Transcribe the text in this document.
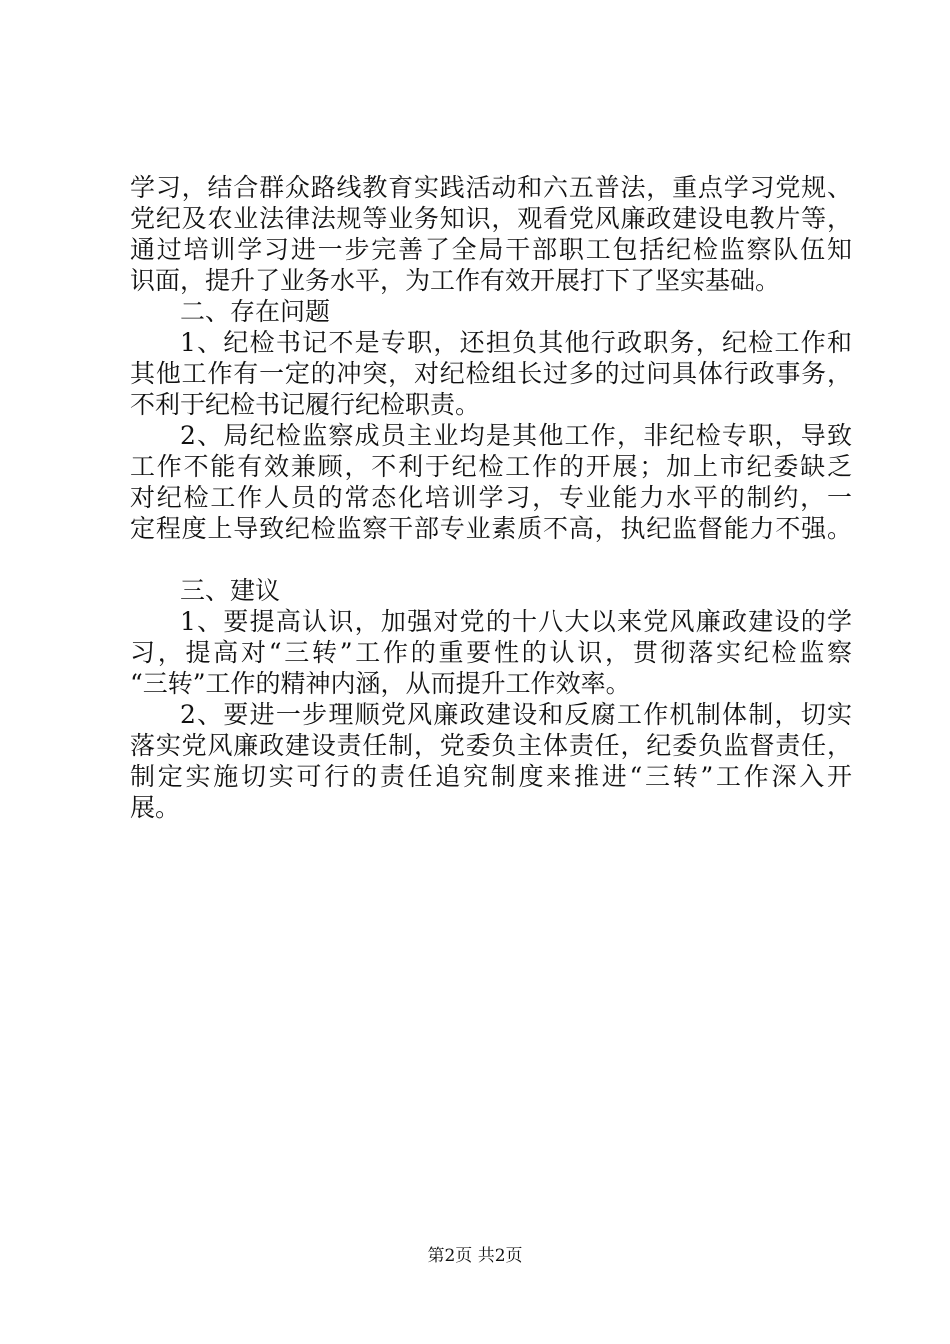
学习，结合群众路线教育实践活动和六五普法，重点学习党规、
党纪及农业法律法规等业务知识，观看党风廉政建设电教片等，
通过培训学习进一步完善了全局干部职工包括纪检监察队伍知
识面，提升了业务水平，为工作有效开展打下了坚实基础。
二、存在问题
1、纪检书记不是专职，还担负其他行政职务，纪检工作和
其他工作有一定的冲突，对纪检组长过多的过问具体行政事务，
不利于纪检书记履行纪检职责。
2、局纪检监察成员主业均是其他工作，非纪检专职，导致
工作不能有效兼顾，不利于纪检工作的开展；加上市纪委缺乏
对纪检工作人员的常态化培训学习，专业能力水平的制约，一
定程度上导致纪检监察干部专业素质不高，执纪监督能力不强。
三、建议
1、要提高认识，加强对党的十八大以来党风廉政建设的学
习，提高对“三转”工作的重要性的认识，贯彻落实纪检监察
“三转”工作的精神内涵，从而提升工作效率。
2、要进一步理顺党风廉政建设和反腐工作机制体制，切实
落实党风廉政建设责任制，党委负主体责任，纪委负监督责任，
制定实施切实可行的责任追究制度来推进“三转”工作深入开
展。
第2页 共2页
